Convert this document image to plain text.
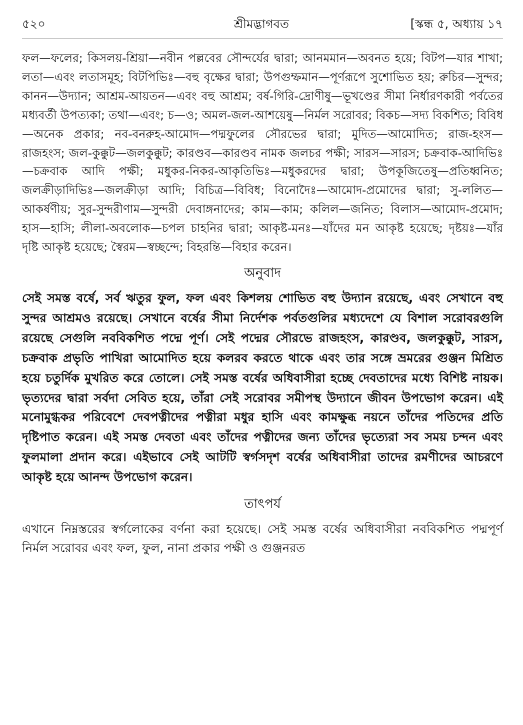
৫২০	শ্রীমদ্ভাগবত	[স্কন্ধ ৫, অধ্যায় ১৭

ফল—ফলের; কিসলয়-শ্রিয়া—নবীন পল্লবের সৌন্দর্যের দ্বারা; আনমমান—অবনত হয়ে; বিটপ—যার শাখা; লতা—এবং লতাসমূহ; বিটপিভিঃ—বহু বৃক্ষের দ্বারা; উপগুম্ফমান—পূর্ণরূপে সুশোভিত হয়; রুচির—সুন্দর; কানন—উদ্যান; আশ্রম-আয়তন—এবং বহু আশ্রম; বর্ষ-গিরি-দ্রোণীষু—ভূখণ্ডের সীমা নির্ধারণকারী পর্বতের মধ্যবর্তী উপত্যকা; তথা—এবং; চ—ও; অমল-জল-আশয়েষু—নির্মল সরোবর; বিকচ—সদ্য বিকশিত; বিবিধ—অনেক প্রকার; নব-বনরুহ-আমোদ—পদ্মফুলের সৌরভের দ্বারা; মুদিত—আমোদিত; রাজ-হংস—রাজহংস; জল-কুক্কুট—জলকুক্কুট; কারণ্ডব—কারণ্ডব নামক জলচর পক্ষী; সারস—সারস; চক্রবাক-আদিভিঃ—চক্রবাক আদি পক্ষী; মধুকর-নিকর-আকৃতিভিঃ—মধুকরদের দ্বারা; উপকূজিতেষু—প্রতিধ্বনিত; জলক্রীড়াদিভিঃ—জলক্রীড়া আদি; বিচিত্র—বিবিধ; বিনোদৈঃ—আমোদ-প্রমোদের দ্বারা; সু-ললিত—আকর্ষণীয়; সুর-সুন্দরীণাম—সুন্দরী দেবাঙ্গনাদের; কাম—কাম; কলিল—জনিত; বিলাস—আমোদ-প্রমোদ; হাস—হাসি; লীলা-অবলোক—চপল চাহনির দ্বারা; আকৃষ্ট-মনঃ—যাঁদের মন আকৃষ্ট হয়েছে; দৃষ্টয়ঃ—যাঁর দৃষ্টি আকৃষ্ট হয়েছে; স্বৈরম—স্বচ্ছন্দে; বিহরন্তি—বিহার করেন।

অনুবাদ

সেই সমস্ত বর্ষে, সর্ব ঋতুর ফুল, ফল এবং কিশলয় শোভিত বহু উদ্যান রয়েছে, এবং সেখানে বহু সুন্দর আশ্রমও রয়েছে। সেখানে বর্ষের সীমা নির্দেশক পর্বতগুলির মধ্যদেশে যে বিশাল সরোবরগুলি রয়েছে সেগুলি নববিকশিত পদ্মে পূর্ণ। সেই পদ্মের সৌরভে রাজহংস, কারণ্ডব, জলকুক্কুট, সারস, চক্রবাক প্রভৃতি পাখিরা আমোদিত হয়ে কলরব করতে থাকে এবং তার সঙ্গে ভ্রমরের গুঞ্জন মিশ্রিত হয়ে চতুর্দিক মুখরিত করে তোলে। সেই সমস্ত বর্ষের অধিবাসীরা হচ্ছে দেবতাদের মধ্যে বিশিষ্ট নায়ক। ভৃত্যদের দ্বারা সর্বদা সেবিত হয়ে, তাঁরা সেই সরোবর সমীপস্থ উদ্যানে জীবন উপভোগ করেন। এই মনোমুগ্ধকর পরিবেশে দেবপত্নীদের পত্নীরা মধুর হাসি এবং কামক্ষুব্ধ নয়নে তাঁদের পতিদের প্রতি দৃষ্টিপাত করেন। এই সমস্ত দেবতা এবং তাঁদের পত্নীদের জন্য তাঁদের ভৃত্যেরা সব সময় চন্দন এবং ফুলমালা প্রদান করে। এইভাবে সেই আটটি স্বর্গসদৃশ বর্ষের অধিবাসীরা তাদের রমণীদের আচরণে আকৃষ্ট হয়ে আনন্দ উপভোগ করেন।

তাৎপর্য

এখানে নিম্নস্তরের স্বর্গলোকের বর্ণনা করা হয়েছে। সেই সমস্ত বর্ষের অধিবাসীরা নববিকশিত পদ্মপূর্ণ নির্মল সরোবর এবং ফল, ফুল, নানা প্রকার পক্ষী ও গুঞ্জনরত
